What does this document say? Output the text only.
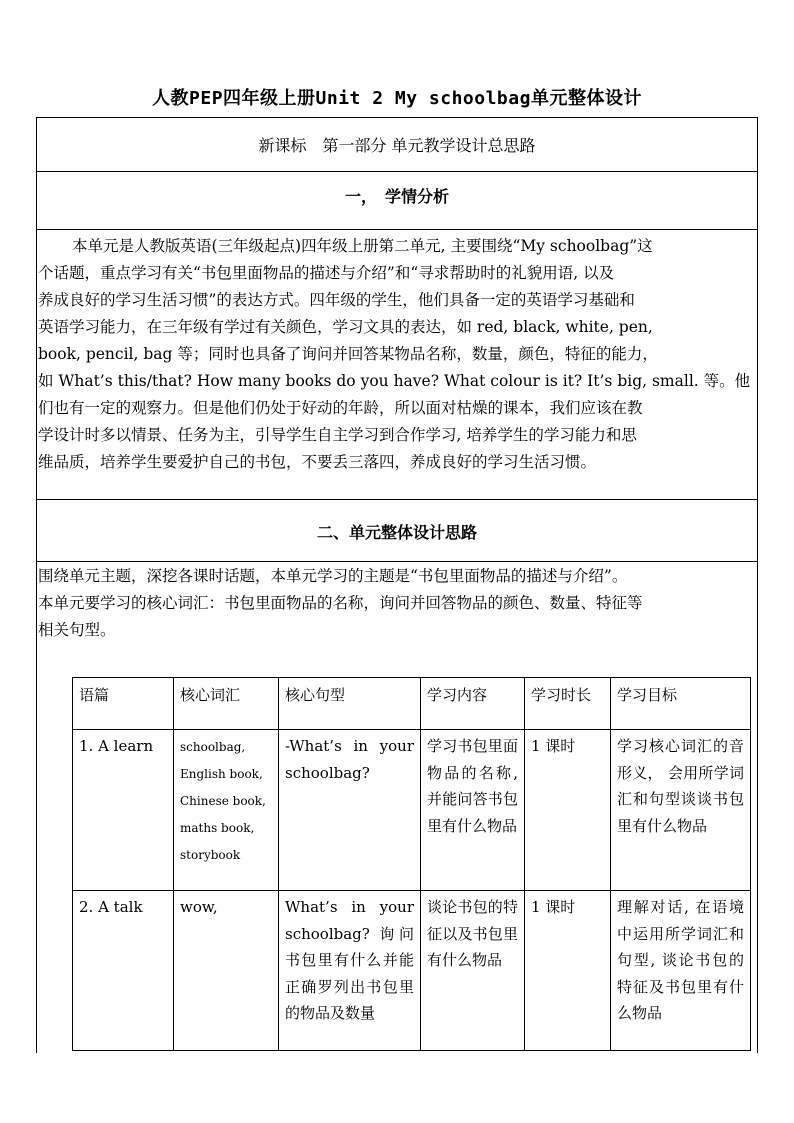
人教PEP四年级上册Unit 2 My schoolbag单元整体设计
新课标　第一部分 单元教学设计总思路
一，　学情分析
本单元是人教版英语(三年级起点)四年级上册第二单元, 主要围绕“My schoolbag”这
个话题，重点学习有关“书包里面物品的描述与介绍”和“寻求帮助时的礼貌用语, 以及
养成良好的学习生活习惯”的表达方式。四年级的学生，他们具备一定的英语学习基础和
英语学习能力，在三年级有学过有关颜色，学习文具的表达，如 red, black, white, pen,
book, pencil, bag 等；同时也具备了询问并回答某物品名称，数量，颜色，特征的能力，
如 What’s this/that? How many books do you have? What colour is it? It’s big, small. 等。他
们也有一定的观察力。但是他们仍处于好动的年龄，所以面对枯燥的课本，我们应该在教
学设计时多以情景、任务为主，引导学生自主学习到合作学习, 培养学生的学习能力和思
维品质，培养学生要爱护自己的书包，不要丢三落四，养成良好的学习生活习惯。
二、单元整体设计思路
围绕单元主题，深挖各课时话题，本单元学习的主题是“书包里面物品的描述与介绍”。
本单元要学习的核心词汇：书包里面物品的名称，询问并回答物品的颜色、数量、特征等
相关句型。
语篇	核心词汇	核心句型	学习内容	学习时长	学习目标
1. A learn	schoolbag, English book, Chinese book, maths book, storybook	-What’s in your schoolbag?	学习书包里面物品的名称, 并能问答书包里有什么物品	1 课时	学习核心词汇的音形义， 会用所学词汇和句型谈谈书包里有什么物品
2. A talk	wow,	What’s in your schoolbag? 询问书包里有什么并能正确罗列出书包里的物品及数量	谈论书包的特征以及书包里有什么物品	1 课时	理解对话, 在语境中运用所学词汇和句型, 谈论书包的特征及书包里有什么物品
